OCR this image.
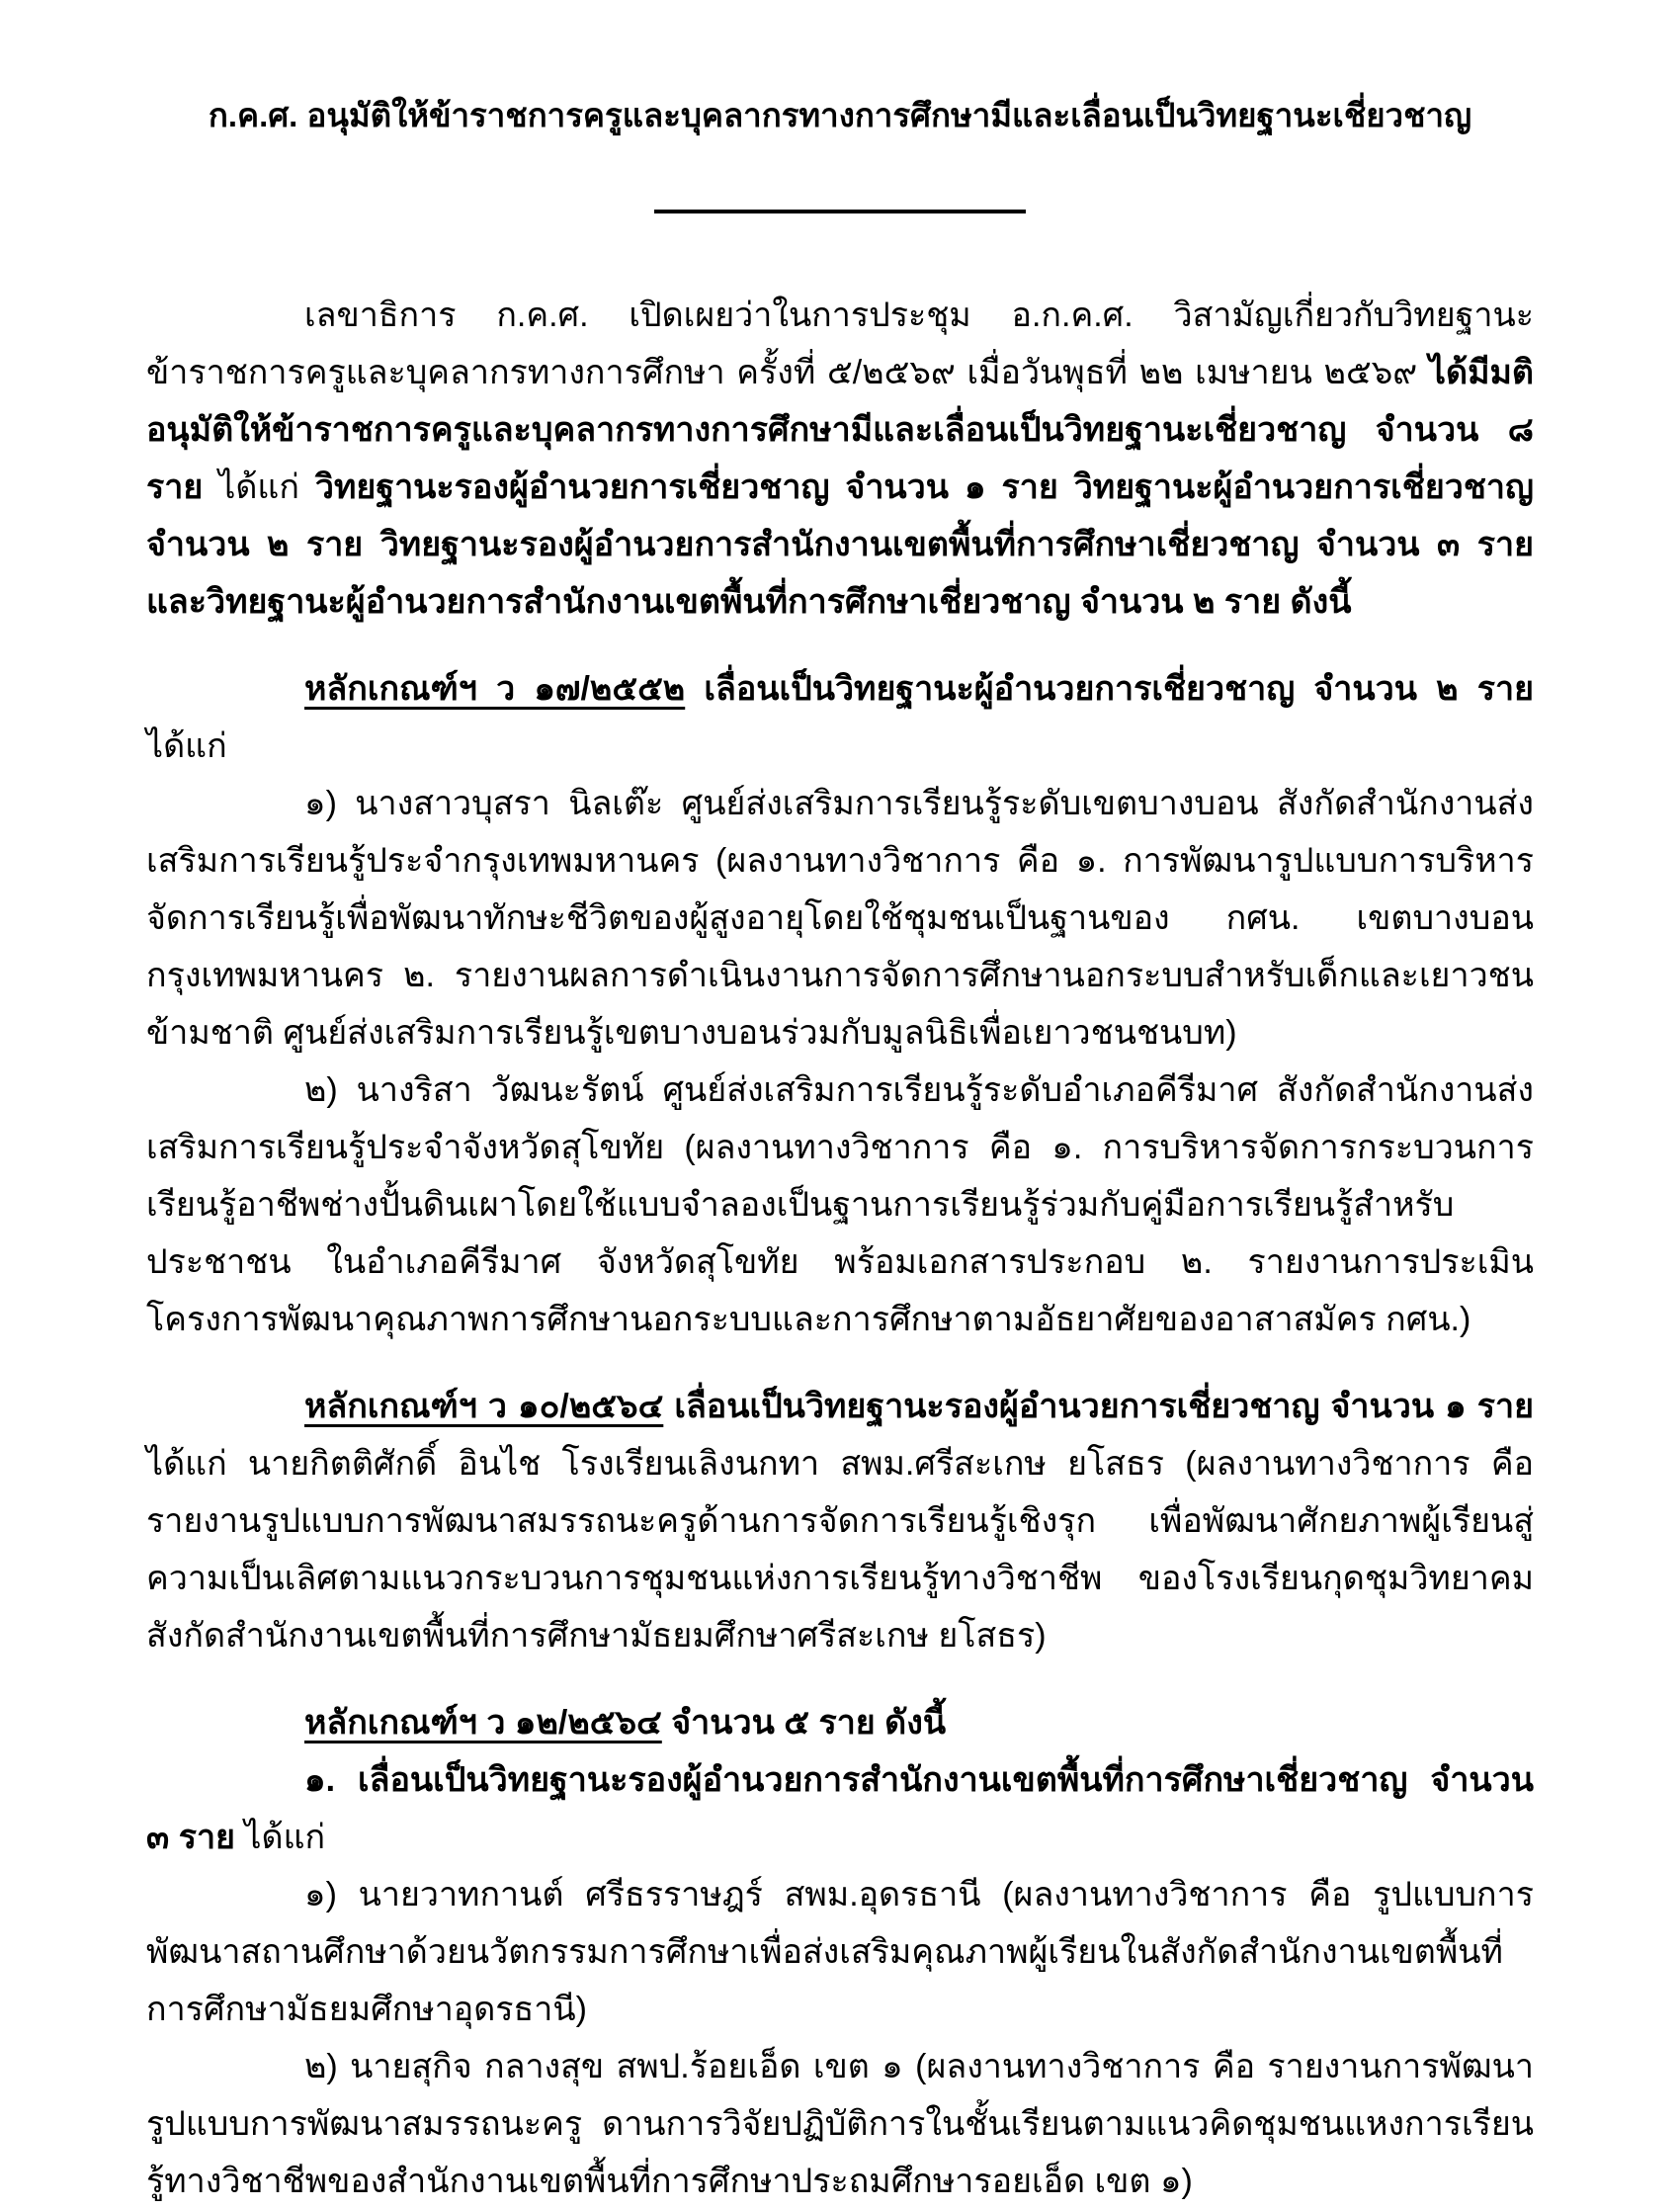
ก.ค.ศ. อนุมัติให้ข้าราชการครูและบุคลากรทางการศึกษามีและเลื่อนเป็นวิทยฐานะเชี่ยวชาญ

เลขาธิการ ก.ค.ศ. เปิดเผยว่าในการประชุม อ.ก.ค.ศ. วิสามัญเกี่ยวกับวิทยฐานะข้าราชการครูและบุคลากรทางการศึกษา ครั้งที่ ๕/๒๕๖๙ เมื่อวันพุธที่ ๒๒ เมษายน ๒๕๖๙ ได้มีมติอนุมัติให้ข้าราชการครูและบุคลากรทางการศึกษามีและเลื่อนเป็นวิทยฐานะเชี่ยวชาญ จำนวน ๘ ราย ได้แก่ วิทยฐานะรองผู้อำนวยการเชี่ยวชาญ จำนวน ๑ ราย วิทยฐานะผู้อำนวยการเชี่ยวชาญ จำนวน ๒ ราย วิทยฐานะรองผู้อำนวยการสำนักงานเขตพื้นที่การศึกษาเชี่ยวชาญ จำนวน ๓ ราย และวิทยฐานะผู้อำนวยการสำนักงานเขตพื้นที่การศึกษาเชี่ยวชาญ จำนวน ๒ ราย ดังนี้

หลักเกณฑ์ฯ ว ๑๗/๒๕๕๒ เลื่อนเป็นวิทยฐานะผู้อำนวยการเชี่ยวชาญ จำนวน ๒ ราย ได้แก่

๑) นางสาวบุสรา นิลเต๊ะ ศูนย์ส่งเสริมการเรียนรู้ระดับเขตบางบอน สังกัดสำนักงานส่งเสริมการเรียนรู้ประจำกรุงเทพมหานคร (ผลงานทางวิชาการ คือ ๑. การพัฒนารูปแบบการบริหารจัดการเรียนรู้เพื่อพัฒนาทักษะชีวิตของผู้สูงอายุโดยใช้ชุมชนเป็นฐานของ กศน. เขตบางบอน กรุงเทพมหานคร ๒. รายงานผลการดำเนินงานการจัดการศึกษานอกระบบสำหรับเด็กและเยาวชนข้ามชาติ ศูนย์ส่งเสริมการเรียนรู้เขตบางบอนร่วมกับมูลนิธิเพื่อเยาวชนชนบท)

๒) นางริสา วัฒนะรัตน์ ศูนย์ส่งเสริมการเรียนรู้ระดับอำเภอคีรีมาศ สังกัดสำนักงานส่งเสริมการเรียนรู้ประจำจังหวัดสุโขทัย (ผลงานทางวิชาการ คือ ๑. การบริหารจัดการกระบวนการเรียนรู้อาชีพช่างปั้นดินเผาโดยใช้แบบจำลองเป็นฐานการเรียนรู้ร่วมกับคู่มือการเรียนรู้สำหรับประชาชน ในอำเภอคีรีมาศ จังหวัดสุโขทัย พร้อมเอกสารประกอบ ๒. รายงานการประเมินโครงการพัฒนาคุณภาพการศึกษานอกระบบและการศึกษาตามอัธยาศัยของอาสาสมัคร กศน.)

หลักเกณฑ์ฯ ว ๑๐/๒๕๖๔ เลื่อนเป็นวิทยฐานะรองผู้อำนวยการเชี่ยวชาญ จำนวน ๑ ราย ได้แก่ นายกิตติศักดิ์ อินไช โรงเรียนเลิงนกทา สพม.ศรีสะเกษ ยโสธร (ผลงานทางวิชาการ คือ รายงานรูปแบบการพัฒนาสมรรถนะครูด้านการจัดการเรียนรู้เชิงรุก เพื่อพัฒนาศักยภาพผู้เรียนสู่ความเป็นเลิศตามแนวกระบวนการชุมชนแห่งการเรียนรู้ทางวิชาชีพ ของโรงเรียนกุดชุมวิทยาคม สังกัดสำนักงานเขตพื้นที่การศึกษามัธยมศึกษาศรีสะเกษ ยโสธร)

หลักเกณฑ์ฯ ว ๑๒/๒๕๖๔ จำนวน ๕ ราย ดังนี้

๑. เลื่อนเป็นวิทยฐานะรองผู้อำนวยการสำนักงานเขตพื้นที่การศึกษาเชี่ยวชาญ จำนวน ๓ ราย ได้แก่

๑) นายวาทกานต์ ศรีธรราษฎร์ สพม.อุดรธานี (ผลงานทางวิชาการ คือ รูปแบบการพัฒนาสถานศึกษาด้วยนวัตกรรมการศึกษาเพื่อส่งเสริมคุณภาพผู้เรียนในสังกัดสำนักงานเขตพื้นที่การศึกษามัธยมศึกษาอุดรธานี)

๒) นายสุกิจ กลางสุข สพป.ร้อยเอ็ด เขต ๑ (ผลงานทางวิชาการ คือ รายงานการพัฒนารูปแบบการพัฒนาสมรรถนะครู ดานการวิจัยปฏิบัติการในชั้นเรียนตามแนวคิดชุมชนแหงการเรียนรู้ทางวิชาชีพของสำนักงานเขตพื้นที่การศึกษาประถมศึกษารอยเอ็ด เขต ๑)
